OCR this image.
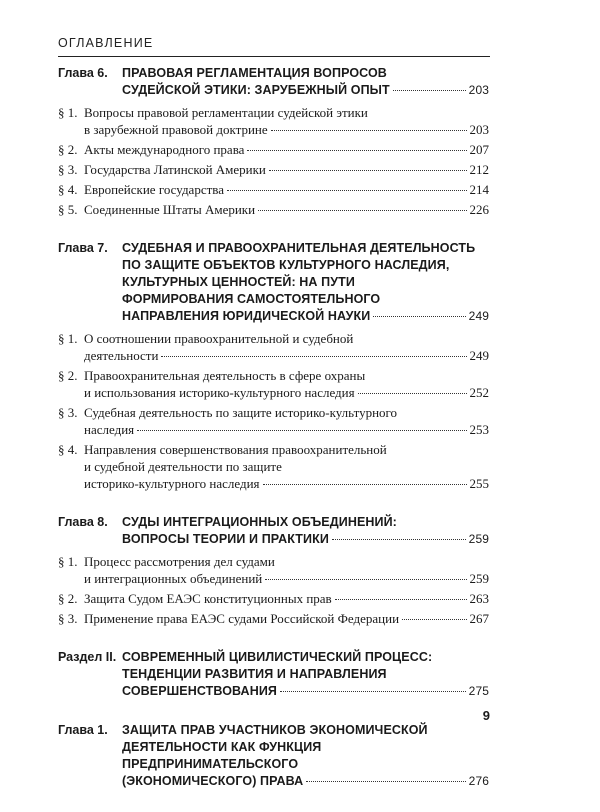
ОГЛАВЛЕНИЕ
Глава 6.	ПРАВОВАЯ РЕГЛАМЕНТАЦИЯ ВОПРОСОВ
СУДЕЙСКОЙ ЭТИКИ: ЗАРУБЕЖНЫЙ ОПЫТ	203
§ 1. Вопросы правовой регламентации судейской этики
в зарубежной правовой доктрине	203
§ 2. Акты международного права	207
§ 3. Государства Латинской Америки	212
§ 4. Европейские государства	214
§ 5. Соединенные Штаты Америки	226
Глава 7.	СУДЕБНАЯ И ПРАВООХРАНИТЕЛЬНАЯ ДЕЯТЕЛЬНОСТЬ
ПО ЗАЩИТЕ ОБЪЕКТОВ КУЛЬТУРНОГО НАСЛЕДИЯ,
КУЛЬТУРНЫХ ЦЕННОСТЕЙ: НА ПУТИ
ФОРМИРОВАНИЯ САМОСТОЯТЕЛЬНОГО
НАПРАВЛЕНИЯ ЮРИДИЧЕСКОЙ НАУКИ	249
§ 1. О соотношении правоохранительной и судебной
деятельности	249
§ 2. Правоохранительная деятельность в сфере охраны
и использования историко-культурного наследия	252
§ 3. Судебная деятельность по защите историко-культурного
наследия	253
§ 4. Направления совершенствования правоохранительной
и судебной деятельности по защите
историко-культурного наследия	255
Глава 8.	СУДЫ ИНТЕГРАЦИОННЫХ ОБЪЕДИНЕНИЙ:
ВОПРОСЫ ТЕОРИИ И ПРАКТИКИ	259
§ 1. Процесс рассмотрения дел судами
и интеграционных объединений	259
§ 2. Защита Судом ЕАЭС конституционных прав	263
§ 3. Применение права ЕАЭС судами Российской Федерации	267
Раздел II. СОВРЕМЕННЫЙ ЦИВИЛИСТИЧЕСКИЙ ПРОЦЕСС:
ТЕНДЕНЦИИ РАЗВИТИЯ И НАПРАВЛЕНИЯ
СОВЕРШЕНСТВОВАНИЯ	275
Глава 1.	ЗАЩИТА ПРАВ УЧАСТНИКОВ ЭКОНОМИЧЕСКОЙ
ДЕЯТЕЛЬНОСТИ КАК ФУНКЦИЯ
ПРЕДПРИНИМАТЕЛЬСКОГО
(ЭКОНОМИЧЕСКОГО) ПРАВА	276
9
